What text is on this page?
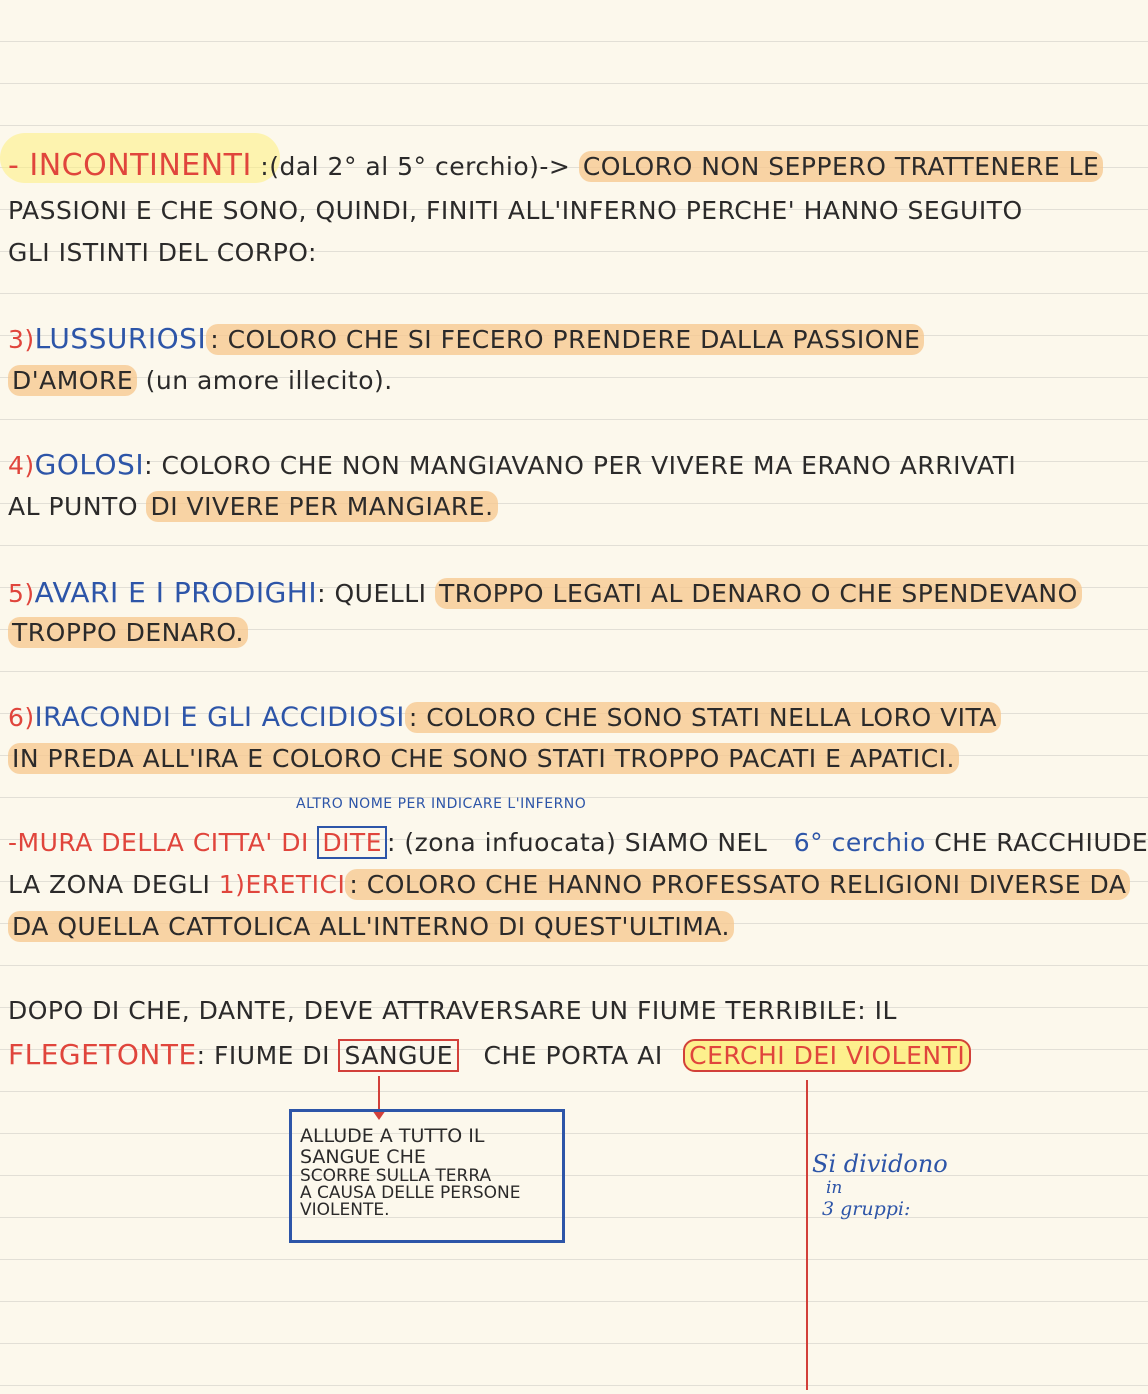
- INCONTINENTI :(dal 2° al 5° cerchio)-> COLORO NON SEPPERO TRATTENERE LE
PASSIONI E CHE SONO, QUINDI, FINITI ALL'INFERNO PERCHE' HANNO SEGUITO
GLI ISTINTI DEL CORPO:
3)LUSSURIOSI : COLORO CHE SI FECERO PRENDERE DALLA PASSIONE
D'AMORE (un amore illecito).
4)GOLOSI: COLORO CHE NON MANGIAVANO PER VIVERE MA ERANO ARRIVATI
AL PUNTO DI VIVERE PER MANGIARE.
5)AVARI E I PRODIGHI: QUELLI TROPPO LEGATI AL DENARO O CHE SPENDEVANO
TROPPO DENARO.
6)IRACONDI E GLI ACCIDIOSI : COLORO CHE SONO STATI NELLA LORO VITA
IN PREDA ALL'IRA E COLORO CHE SONO STATI TROPPO PACATI E APATICI.
ALTRO NOME PER INDICARE L'INFERNO
-MURA DELLA CITTA' DI DITE : (zona infuocata) SIAMO NEL 6° cerchio CHE RACCHIUDE
LA ZONA DEGLI 1)ERETICI : COLORO CHE HANNO PROFESSATO RELIGIONI DIVERSE DA
DA QUELLA CATTOLICA ALL'INTERNO DI QUEST'ULTIMA.
DOPO DI CHE, DANTE, DEVE ATTRAVERSARE UN FIUME TERRIBILE: IL
FLEGETONTE: FIUME DI SANGUE CHE PORTA AI CERCHI DEI VIOLENTI
ALLUDE A TUTTO IL
SANGUE CHE
SCORRE SULLA TERRA
A CAUSA DELLE PERSONE
VIOLENTE.
Si dividono
in
3 gruppi:
